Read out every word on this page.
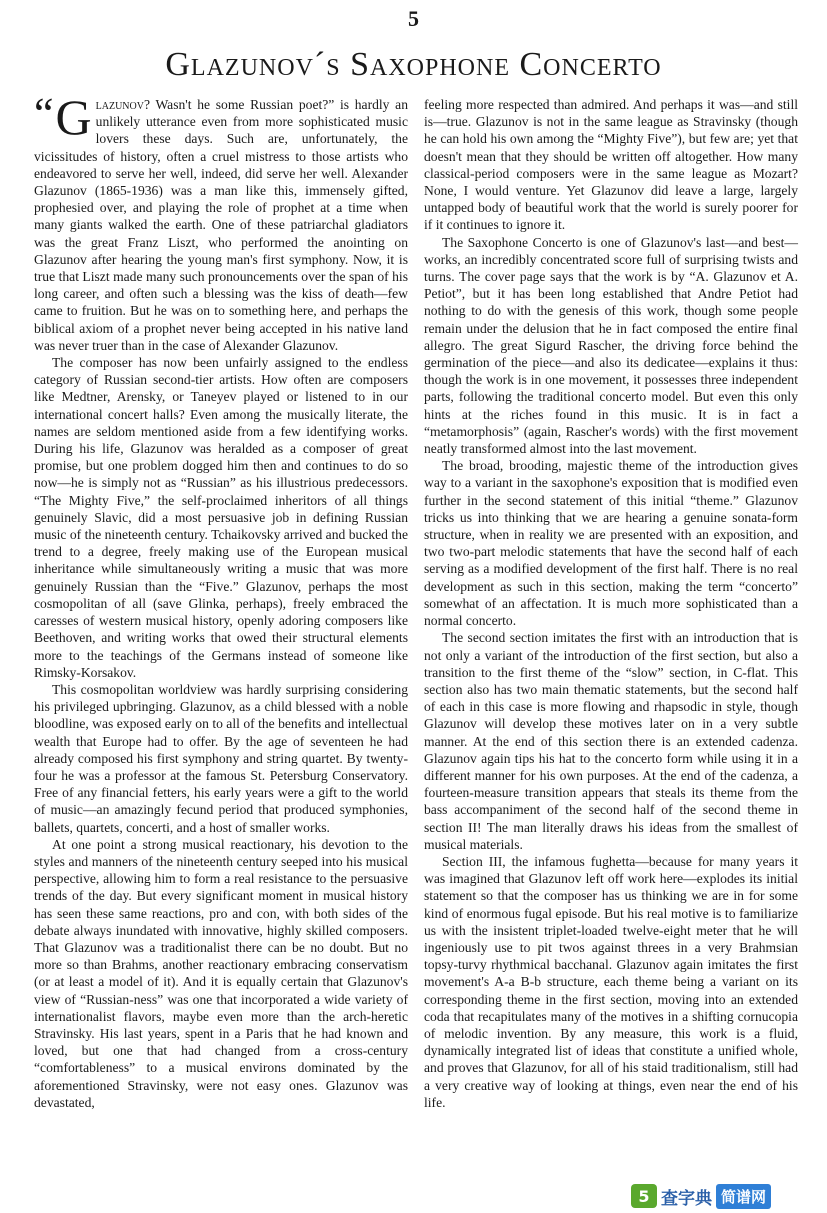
5
Glazunov´s Saxophone Concerto

“ G lazunov? Wasn't he some Russian poet?” is hardly an unlikely utterance even from more sophisticated music lovers these days. Such are, unfortunately, the vicissitudes of history, often a cruel mistress to those artists who endeavored to serve her well, indeed, did serve her well. Alexander Glazunov (1865-1936) was a man like this, immensely gifted, prophesied over, and playing the role of prophet at a time when many giants walked the earth. One of these patriarchal gladiators was the great Franz Liszt, who performed the anointing on Glazunov after hearing the young man's first symphony. Now, it is true that Liszt made many such pronouncements over the span of his long career, and often such a blessing was the kiss of death—few came to fruition. But he was on to something here, and perhaps the biblical axiom of a prophet never being accepted in his native land was never truer than in the case of Alexander Glazunov.

The composer has now been unfairly assigned to the endless category of Russian second-tier artists. How often are composers like Medtner, Arensky, or Taneyev played or listened to in our international concert halls? Even among the musically literate, the names are seldom mentioned aside from a few identifying works. During his life, Glazunov was heralded as a composer of great promise, but one problem dogged him then and continues to do so now—he is simply not as “Russian” as his illustrious predecessors. “The Mighty Five,” the self-proclaimed inheritors of all things genuinely Slavic, did a most persuasive job in defining Russian music of the nineteenth century. Tchaikovsky arrived and bucked the trend to a degree, freely making use of the European musical inheritance while simultaneously writing a music that was more genuinely Russian than the “Five.” Glazunov, perhaps the most cosmopolitan of all (save Glinka, perhaps), freely embraced the caresses of western musical history, openly adoring composers like Beethoven, and writing works that owed their structural elements more to the teachings of the Germans instead of someone like Rimsky-Korsakov.

This cosmopolitan worldview was hardly surprising considering his privileged upbringing. Glazunov, as a child blessed with a noble bloodline, was exposed early on to all of the benefits and intellectual wealth that Europe had to offer. By the age of seventeen he had already composed his first symphony and string quartet. By twenty-four he was a professor at the famous St. Petersburg Conservatory. Free of any financial fetters, his early years were a gift to the world of music—an amazingly fecund period that produced symphonies, ballets, quartets, concerti, and a host of smaller works.

At one point a strong musical reactionary, his devotion to the styles and manners of the nineteenth century seeped into his musical perspective, allowing him to form a real resistance to the persuasive trends of the day. But every significant moment in musical history has seen these same reactions, pro and con, with both sides of the debate always inundated with innovative, highly skilled composers. That Glazunov was a traditionalist there can be no doubt. But no more so than Brahms, another reactionary embracing conservatism (or at least a model of it). And it is equally certain that Glazunov's view of “Russian-ness” was one that incorporated a wide variety of internationalist flavors, maybe even more than the arch-heretic Stravinsky. His last years, spent in a Paris that he had known and loved, but one that had changed from a cross-century “comfortableness” to a musical environs dominated by the aforementioned Stravinsky, were not easy ones. Glazunov was devastated,

feeling more respected than admired. And perhaps it was—and still is—true. Glazunov is not in the same league as Stravinsky (though he can hold his own among the “Mighty Five”), but few are; yet that doesn't mean that they should be written off altogether. How many classical-period composers were in the same league as Mozart? None, I would venture. Yet Glazunov did leave a large, largely untapped body of beautiful work that the world is surely poorer for if it continues to ignore it.

The Saxophone Concerto is one of Glazunov's last—and best—works, an incredibly concentrated score full of surprising twists and turns. The cover page says that the work is by “A. Glazunov et A. Petiot”, but it has been long established that Andre Petiot had nothing to do with the genesis of this work, though some people remain under the delusion that he in fact composed the entire final allegro. The great Sigurd Rascher, the driving force behind the germination of the piece—and also its dedicatee—explains it thus: though the work is in one movement, it possesses three independent parts, following the traditional concerto model. But even this only hints at the riches found in this music. It is in fact a “metamorphosis” (again, Rascher's words) with the first movement neatly transformed almost into the last movement.

The broad, brooding, majestic theme of the introduction gives way to a variant in the saxophone's exposition that is modified even further in the second statement of this initial “theme.” Glazunov tricks us into thinking that we are hearing a genuine sonata-form structure, when in reality we are presented with an exposition, and two two-part melodic statements that have the second half of each serving as a modified development of the first half. There is no real development as such in this section, making the term “concerto” somewhat of an affectation. It is much more sophisticated than a normal concerto.

The second section imitates the first with an introduction that is not only a variant of the introduction of the first section, but also a transition to the first theme of the “slow” section, in C-flat. This section also has two main thematic statements, but the second half of each in this case is more flowing and rhapsodic in style, though Glazunov will develop these motives later on in a very subtle manner. At the end of this section there is an extended cadenza. Glazunov again tips his hat to the concerto form while using it in a different manner for his own purposes. At the end of the cadenza, a fourteen-measure transition appears that steals its theme from the bass accompaniment of the second half of the second theme in section II! The man literally draws his ideas from the smallest of musical materials.

Section III, the infamous fughetta—because for many years it was imagined that Glazunov left off work here—explodes its initial statement so that the composer has us thinking we are in for some kind of enormous fugal episode. But his real motive is to familiarize us with the insistent triplet-loaded twelve-eight meter that he will ingeniously use to pit twos against threes in a very Brahmsian topsy-turvy rhythmical bacchanal. Glazunov again imitates the first movement's A-a B-b structure, each theme being a variant on its corresponding theme in the first section, moving into an extended coda that recapitulates many of the motives in a shifting cornucopia of melodic invention. By any measure, this work is a fluid, dynamically integrated list of ideas that constitute a unified whole, and proves that Glazunov, for all of his staid traditionalism, still had a very creative way of looking at things, even near the end of his life.

5 查字典 简谱网
